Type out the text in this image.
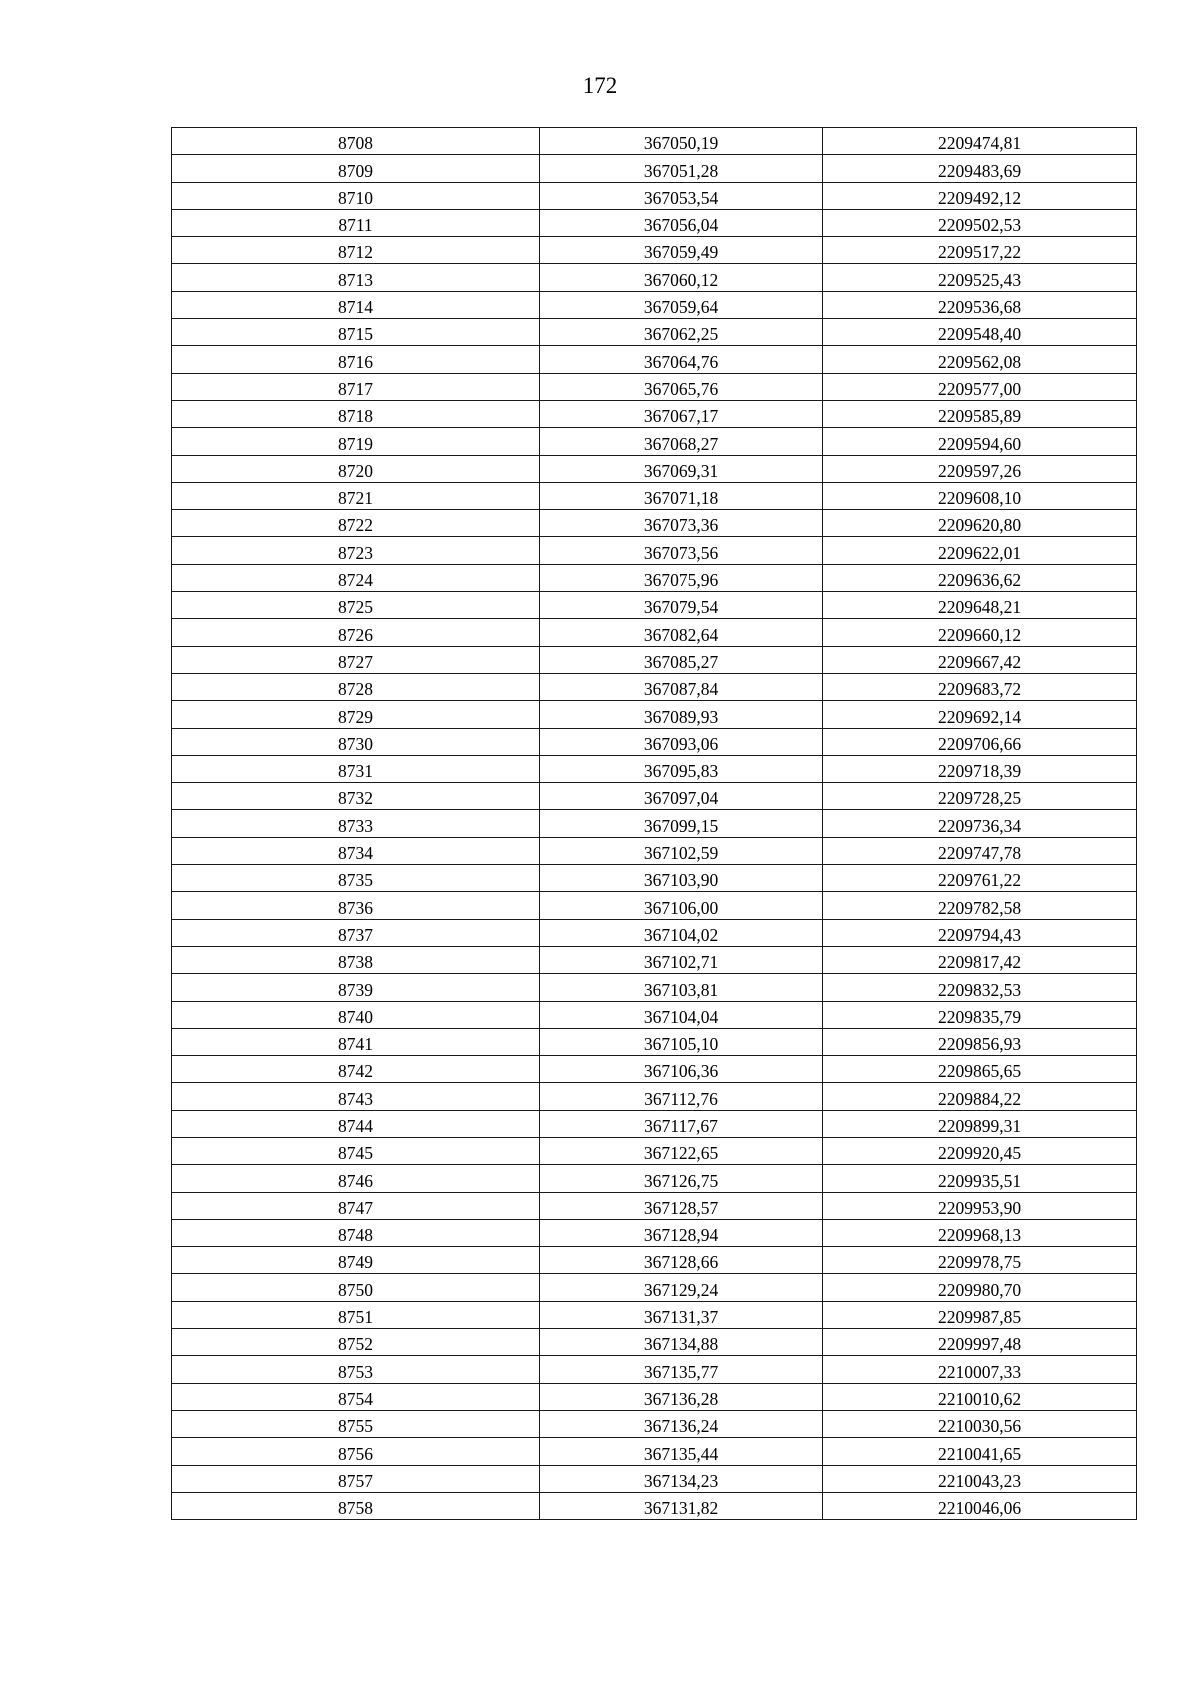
172
8708	367050,19	2209474,81
8709	367051,28	2209483,69
8710	367053,54	2209492,12
8711	367056,04	2209502,53
8712	367059,49	2209517,22
8713	367060,12	2209525,43
8714	367059,64	2209536,68
8715	367062,25	2209548,40
8716	367064,76	2209562,08
8717	367065,76	2209577,00
8718	367067,17	2209585,89
8719	367068,27	2209594,60
8720	367069,31	2209597,26
8721	367071,18	2209608,10
8722	367073,36	2209620,80
8723	367073,56	2209622,01
8724	367075,96	2209636,62
8725	367079,54	2209648,21
8726	367082,64	2209660,12
8727	367085,27	2209667,42
8728	367087,84	2209683,72
8729	367089,93	2209692,14
8730	367093,06	2209706,66
8731	367095,83	2209718,39
8732	367097,04	2209728,25
8733	367099,15	2209736,34
8734	367102,59	2209747,78
8735	367103,90	2209761,22
8736	367106,00	2209782,58
8737	367104,02	2209794,43
8738	367102,71	2209817,42
8739	367103,81	2209832,53
8740	367104,04	2209835,79
8741	367105,10	2209856,93
8742	367106,36	2209865,65
8743	367112,76	2209884,22
8744	367117,67	2209899,31
8745	367122,65	2209920,45
8746	367126,75	2209935,51
8747	367128,57	2209953,90
8748	367128,94	2209968,13
8749	367128,66	2209978,75
8750	367129,24	2209980,70
8751	367131,37	2209987,85
8752	367134,88	2209997,48
8753	367135,77	2210007,33
8754	367136,28	2210010,62
8755	367136,24	2210030,56
8756	367135,44	2210041,65
8757	367134,23	2210043,23
8758	367131,82	2210046,06
